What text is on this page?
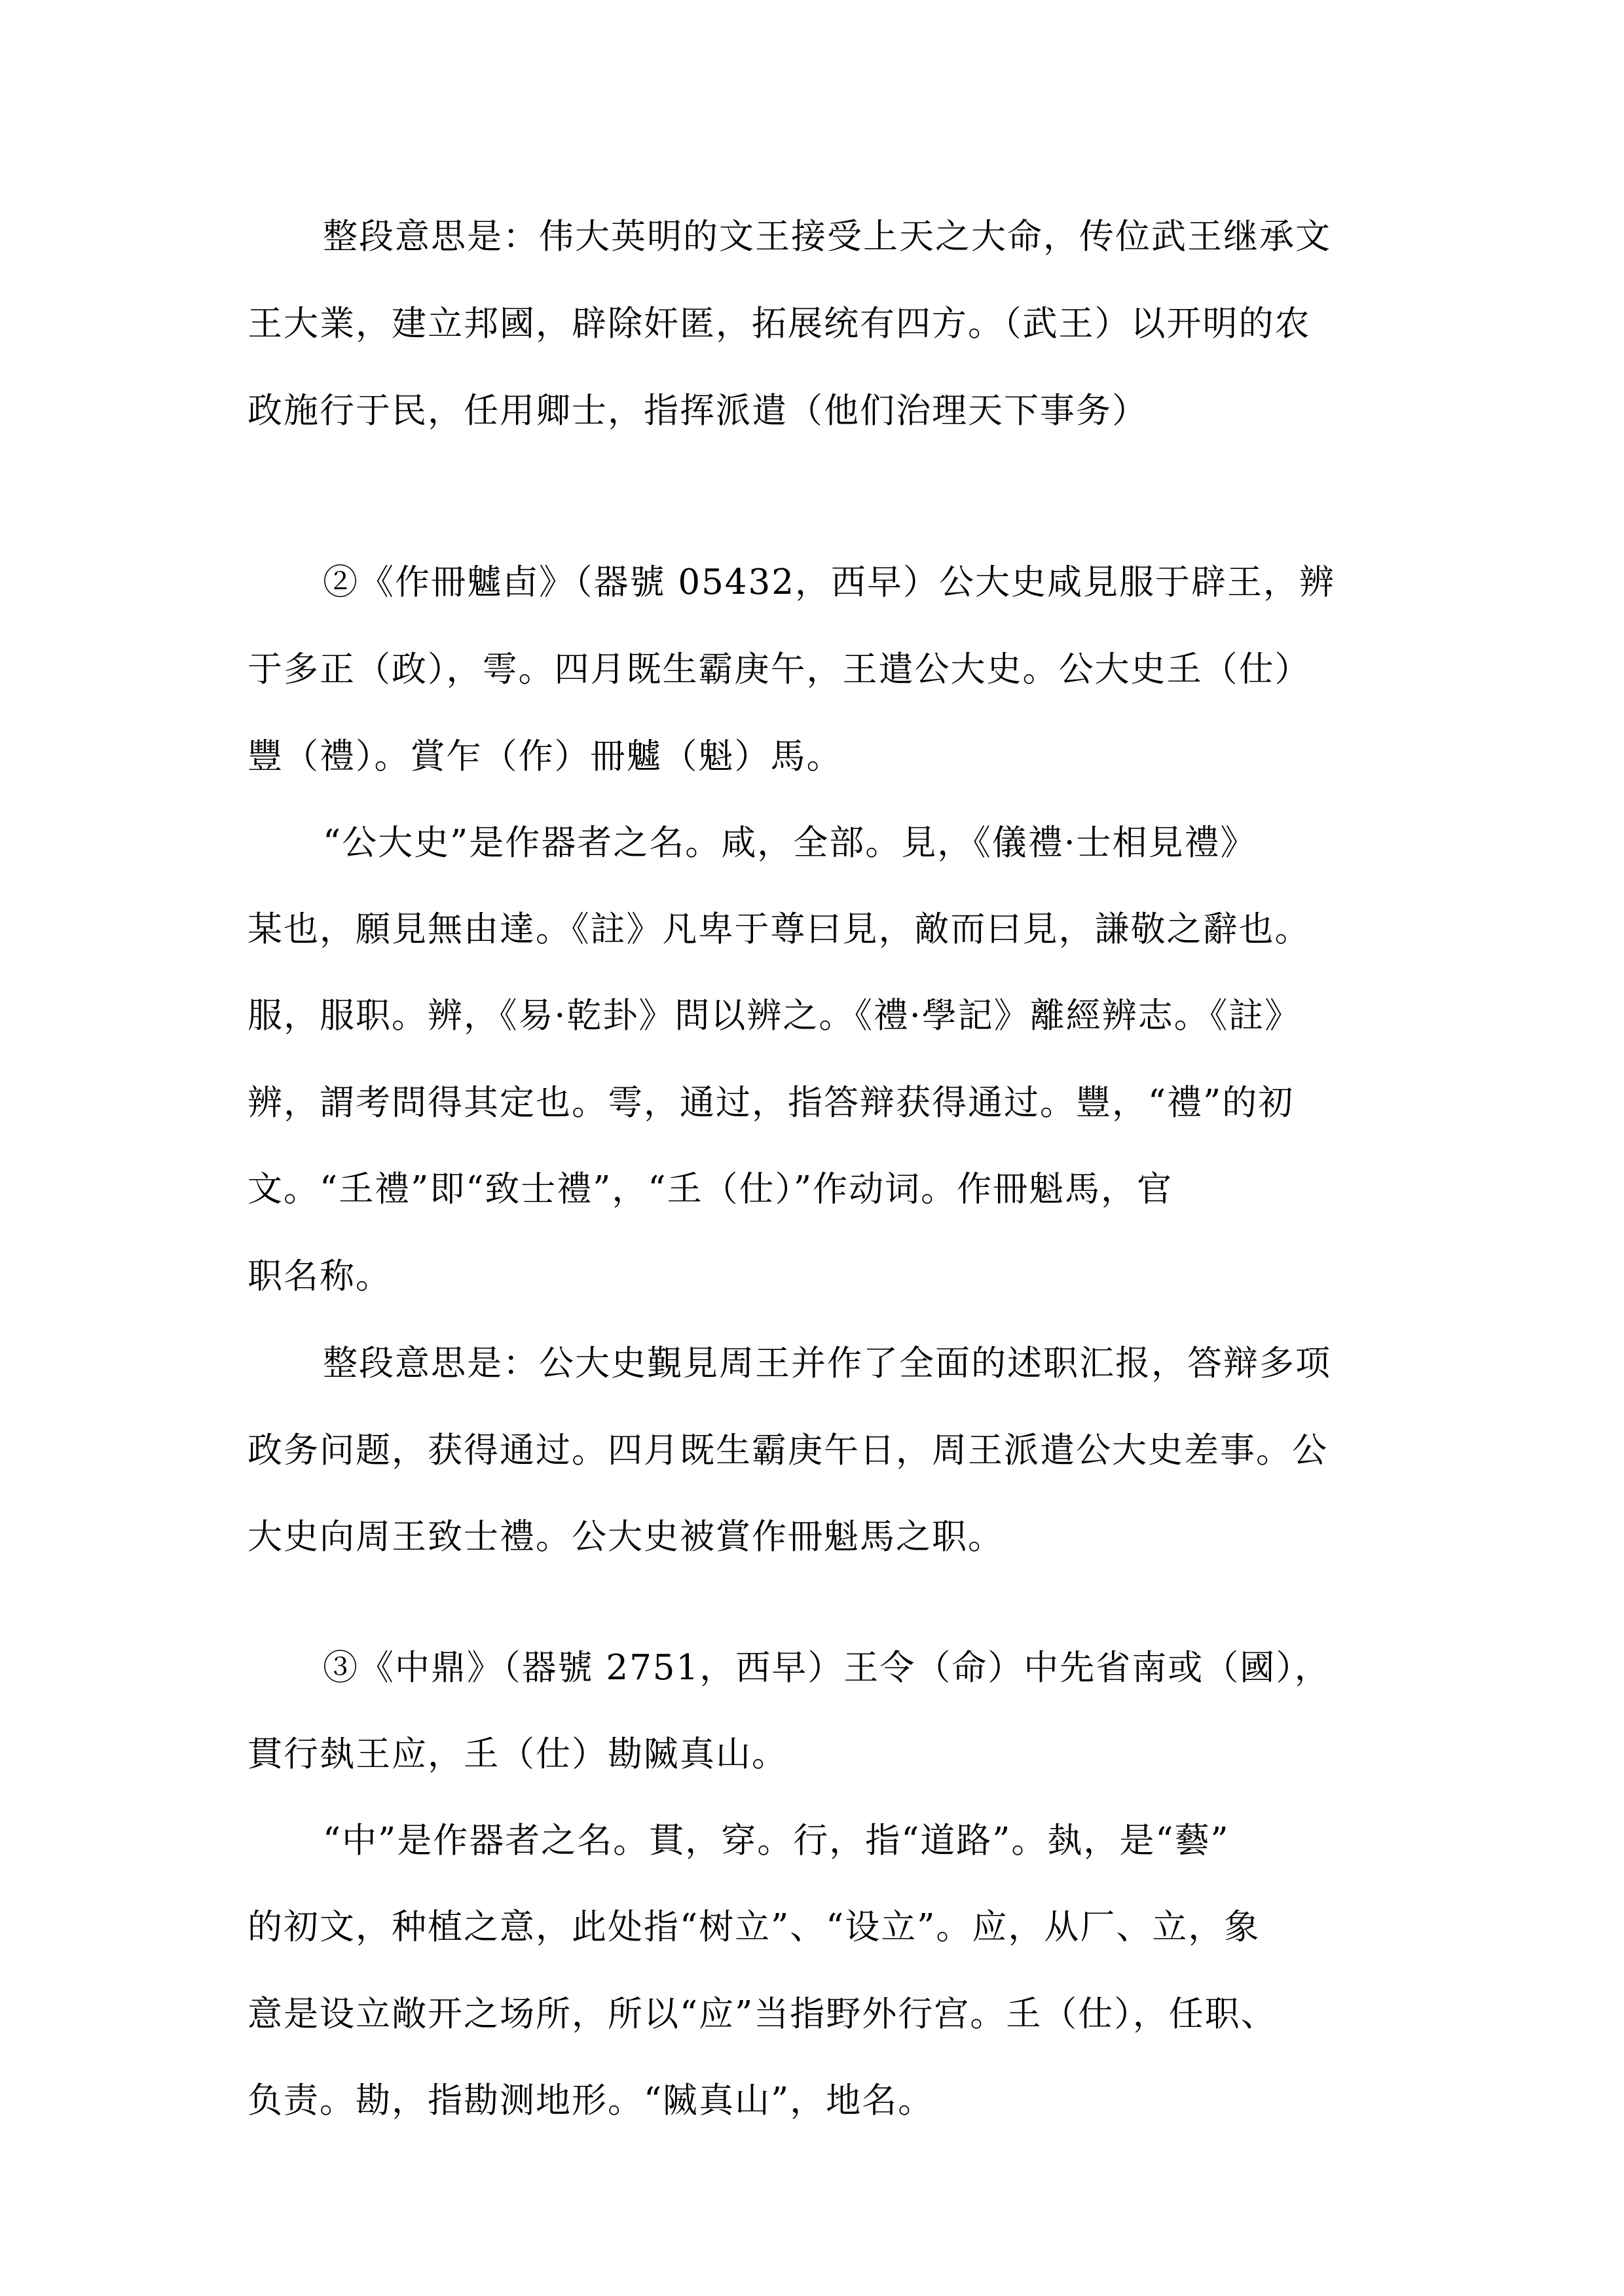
整段意思是：伟大英明的文王接受上天之大命，传位武王继承文
王大業，建立邦國，辟除奸匿，拓展统有四方。（武王）以开明的农
政施行于民，任用卿士，指挥派遣（他们治理天下事务）
②《作冊魖卣》（器號 05432，西早）公大史咸見服于辟王，辨
于多正（政），雩。四月既生霸庚午，王遣公大史。公大史𡈼（仕）
豐（禮）。賞乍（作）冊魖（魁）馬。
“公大史”是作器者之名。咸，全部。見，《儀禮·士相見禮》
某也，願見無由達。《註》凡卑于尊曰見，敵而曰見，謙敬之辭也。
服，服职。辨，《易·乾卦》問以辨之。《禮·學記》離經辨志。《註》
辨，謂考問得其定也。雩，通过，指答辩获得通过。豐，“禮”的初
文。“𡈼禮”即“致士禮”，“𡈼（仕）”作动词。作冊魁馬，官
职名称。
整段意思是：公大史覲見周王并作了全面的述职汇报，答辩多项
政务问题，获得通过。四月既生霸庚午日，周王派遣公大史差事。公
大史向周王致士禮。公大史被賞作冊魁馬之职。
③《中鼎》（器號 2751，西早）王令（命）中先省南或（國），
貫行埶王应，𡈼（仕）勘隇真山。
“中”是作器者之名。貫，穿。行，指“道路”。埶，是“藝”
的初文，种植之意，此处指“树立”、“设立”。应，从厂、立，象
意是设立敞开之场所，所以“应”当指野外行宫。𡈼（仕），任职、
负责。勘，指勘测地形。“隇真山”，地名。
